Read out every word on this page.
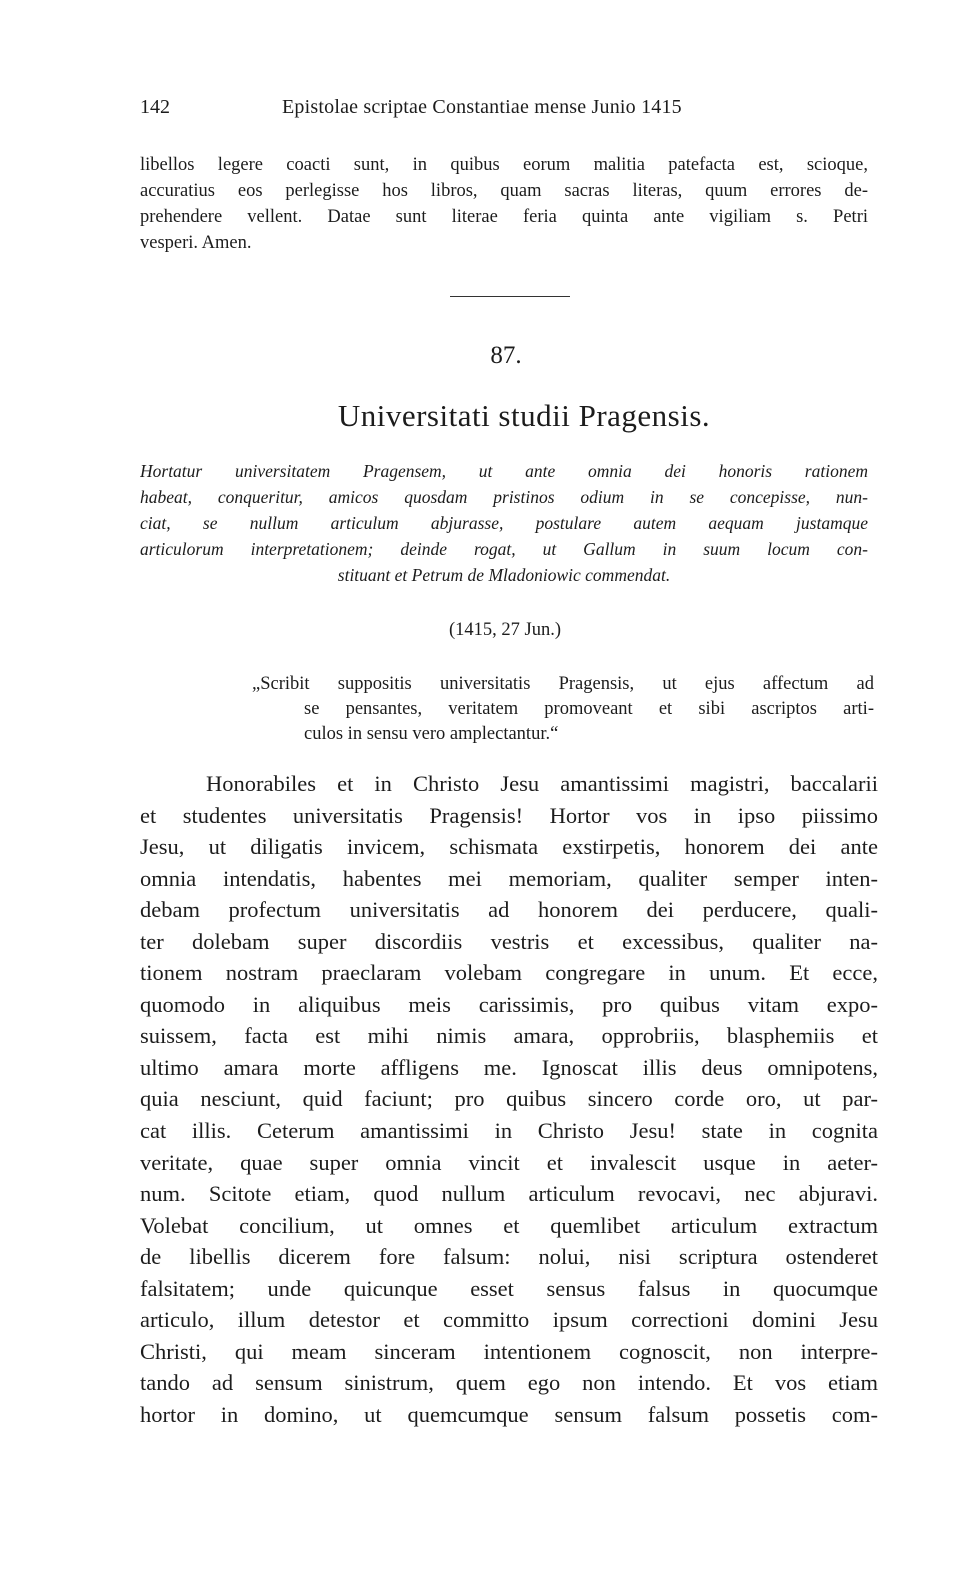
142	Epistolae scriptae Constantiae mense Junio 1415

libellos legere coacti sunt, in quibus eorum malitia patefacta est, scioque,
accuratius eos perlegisse hos libros, quam sacras literas, quum errores de-
prehendere vellent. Datae sunt literae feria quinta ante vigiliam s. Petri
vesperi. Amen.

87.
Universitati studii Pragensis.

Hortatur universitatem Pragensem, ut ante omnia dei honoris rationem
habeat, conqueritur, amicos quosdam pristinos odium in se concepisse, nun-
ciat, se nullum articulum abjurasse, postulare autem aequam justamque
articulorum interpretationem; deinde rogat, ut Gallum in suum locum con-

stituant et Petrum de Mladoniowic commendat.

(1415, 27 Jun.)

„Scribit suppositis universitatis Pragensis, ut ejus affectum ad
se pensantes, veritatem promoveant et sibi ascriptos arti-
culos in sensu vero amplectantur.“

Honorabiles et in Christo Jesu amantissimi magistri, baccalarii
et studentes universitatis Pragensis! Hortor vos in ipso piissimo
Jesu, ut diligatis invicem, schismata exstirpetis, honorem dei ante
omnia intendatis, habentes mei memoriam, qualiter semper inten-
debam profectum universitatis ad honorem dei perducere, quali-
ter dolebam super discordiis vestris et excessibus, qualiter na-
tionem nostram praeclaram volebam congregare in unum. Et ecce,
quomodo in aliquibus meis carissimis, pro quibus vitam expo-
suissem, facta est mihi nimis amara, opprobriis, blasphemiis et
ultimo amara morte affligens me. Ignoscat illis deus omnipotens,
quia nesciunt, quid faciunt; pro quibus sincero corde oro, ut par-
cat illis. Ceterum amantissimi in Christo Jesu! state in cognita
veritate, quae super omnia vincit et invalescit usque in aeter-
num. Scitote etiam, quod nullum articulum revocavi, nec abjuravi.
Volebat concilium, ut omnes et quemlibet articulum extractum
de libellis dicerem fore falsum: nolui, nisi scriptura ostenderet
falsitatem; unde quicunque esset sensus falsus in quocumque
articulo, illum detestor et committo ipsum correctioni domini Jesu
Christi, qui meam sinceram intentionem cognoscit, non interpre-
tando ad sensum sinistrum, quem ego non intendo. Et vos etiam
hortor in domino, ut quemcumque sensum falsum possetis com-
